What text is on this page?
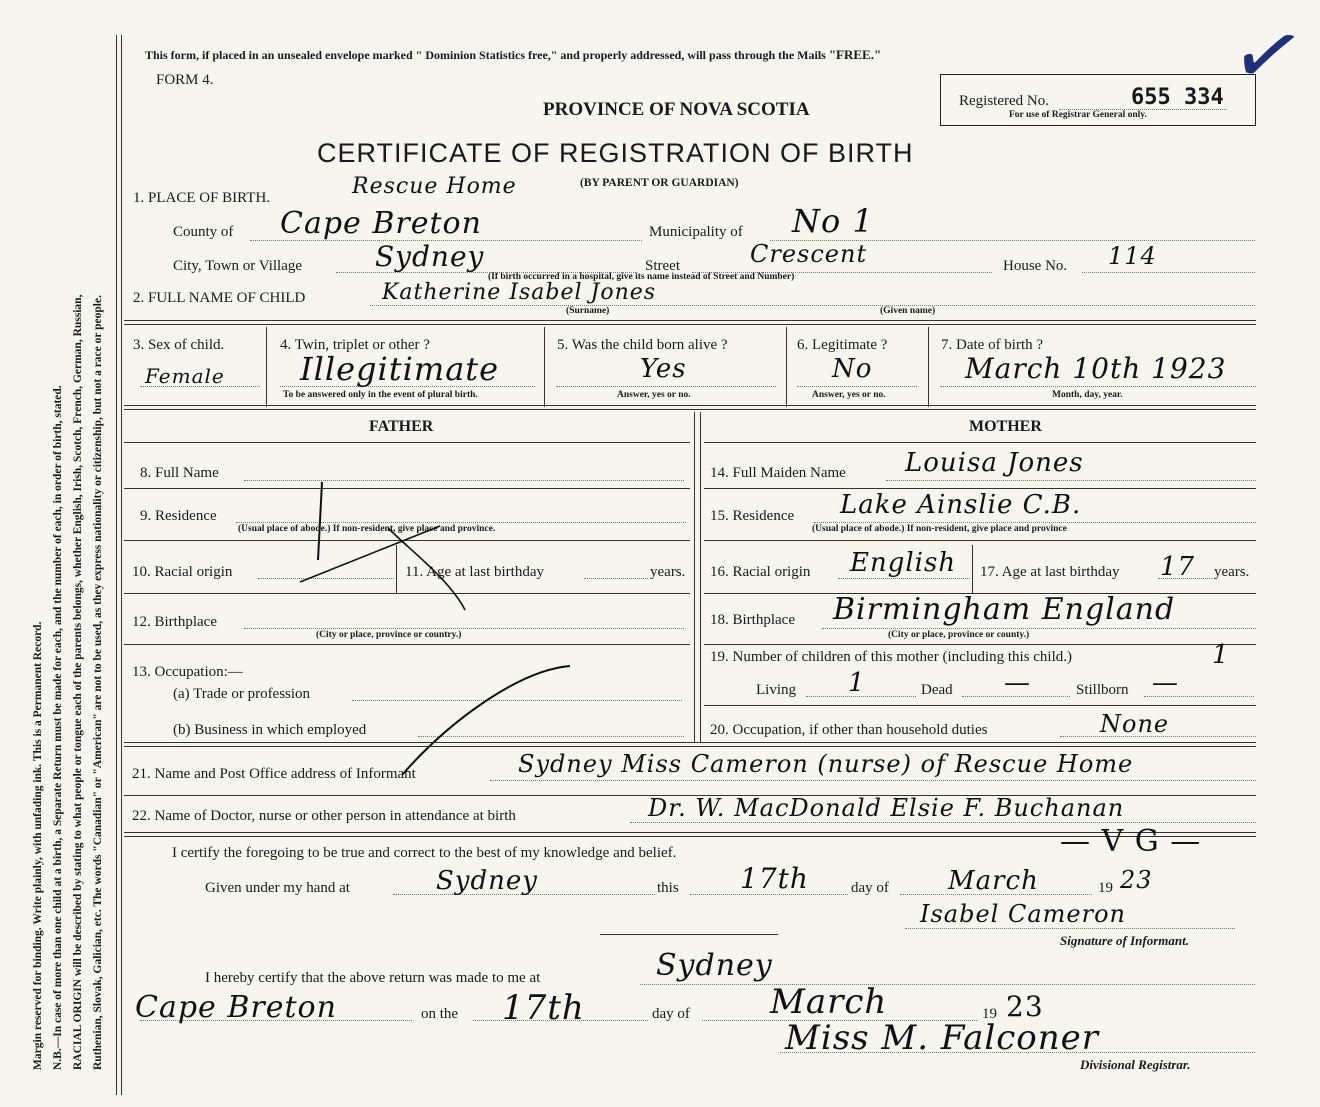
Margin reserved for binding. Write plainly, with unfading ink. This is a Permanent Record. N.B.—In case of more than one child at a birth, a Separate Return must be made for each, and the number of each, in order of birth, stated. RACIAL ORIGIN will be described by stating to what people or tongue each of the parents belongs, whether English, Irish, Scotch, French, German, Russian, Ruthenian, Slovak, Galician, etc. The words "Canadian" or "American" are not to be used, as they express nationality or citizenship, but not a race or people.
This form, if placed in an unsealed envelope marked " Dominion Statistics free," and properly addressed, will pass through the Mails "FREE."
FORM 4.
PROVINCE OF NOVA SCOTIA	Registered No.	655 334
For use of Registrar General only.
✓
CERTIFICATE OF REGISTRATION OF BIRTH
(BY PARENT OR GUARDIAN)
1. PLACE OF BIRTH.	Rescue Home
County of Cape Breton	Municipality of No 1
City, Town or Village	Sydney	Street	Crescent	House No. 114
(If birth occurred in a hospital, give its name instead of Street and Number)
2. FULL NAME OF CHILD	Katherine Isabel Jones
(Surname)	(Given name)
3. Sex of child.
Female
4. Twin, triplet or other ?
Illegitimate
To be answered only in the event of plural birth.
5. Was the child born alive ?
Yes
Answer, yes or no.
6. Legitimate ?
No
Answer, yes or no.
7. Date of birth ?
March 10th 1923
Month, day, year.
FATHER	MOTHER
8. Full Name
9. Residence
(Usual place of abode.) If non-resident, give place and province.
10. Racial origin	11. Age at last birthday	years.
12. Birthplace
(City or place, province or country.)
13. Occupation:—
(a) Trade or profession
(b) Business in which employed
14. Full Maiden Name Louisa Jones
15. Residence Lake Ainslie C.B.
(Usual place of abode.) If non-resident, give place and province
16. Racial origin English 17. Age at last birthday 17 years.
18. Birthplace Birmingham England
(City or place, province or county.)
19. Number of children of this mother (including this child.)	1
Living 1	Dead —	Stillborn —
20. Occupation, if other than household duties	None
21. Name and Post Office address of Informant	Sydney Miss Cameron (nurse) of Rescue Home
22. Name of Doctor, nurse or other person in attendance at birth	Dr. W. MacDonald Elsie F. Buchanan
— V G —
I certify the foregoing to be true and correct to the best of my knowledge and belief.
Given under my hand at	Sydney	this 17th	day of March	19 23
Isabel Cameron
Signature of Informant.
I hereby certify that the above return was made to me at	Sydney
Cape Breton	on the 17th	day of March	19 23
Miss M. Falconer
Divisional Registrar.
